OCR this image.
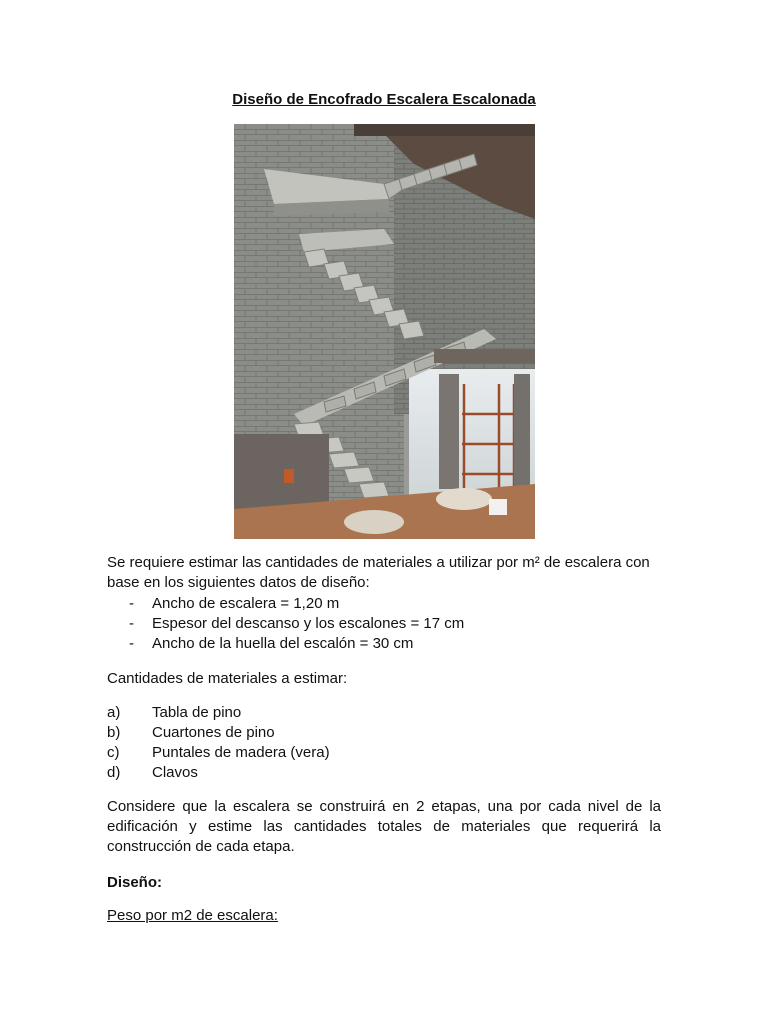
Diseño de Encofrado Escalera Escalonada
Se requiere estimar las cantidades de materiales a utilizar por m² de escalera con base en los siguientes datos de diseño:
- Ancho de escalera = 1,20 m
- Espesor del descanso y los escalones = 17 cm
- Ancho de la huella del escalón = 30 cm
Cantidades de materiales a estimar:
a) Tabla de pino
b) Cuartones de pino
c) Puntales de madera (vera)
d) Clavos
Considere que la escalera se construirá en 2 etapas, una por cada nivel de la edificación y estime las cantidades totales de materiales que requerirá la construcción de cada etapa.
Diseño:
Peso por m2 de escalera:
